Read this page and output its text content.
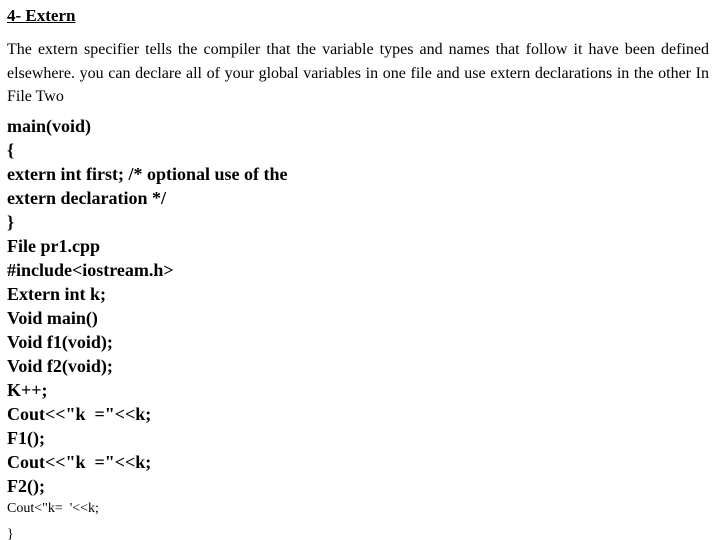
4- Extern

The extern specifier tells the compiler that the variable types and names that follow it have been defined elsewhere. you can declare all of your global variables in one file and use extern declarations in the other In File Two

main(void)
{
extern int first; /* optional use of the
extern declaration */
}
File pr1.cpp
#include<iostream.h>
Extern int k;
Void main()
Void f1(void);
Void f2(void);
K++;
Cout<<"k  ="<<k;
F1();
Cout<<"k  ="<<k;
F2();
Cout<"k=  '<<k;
}
